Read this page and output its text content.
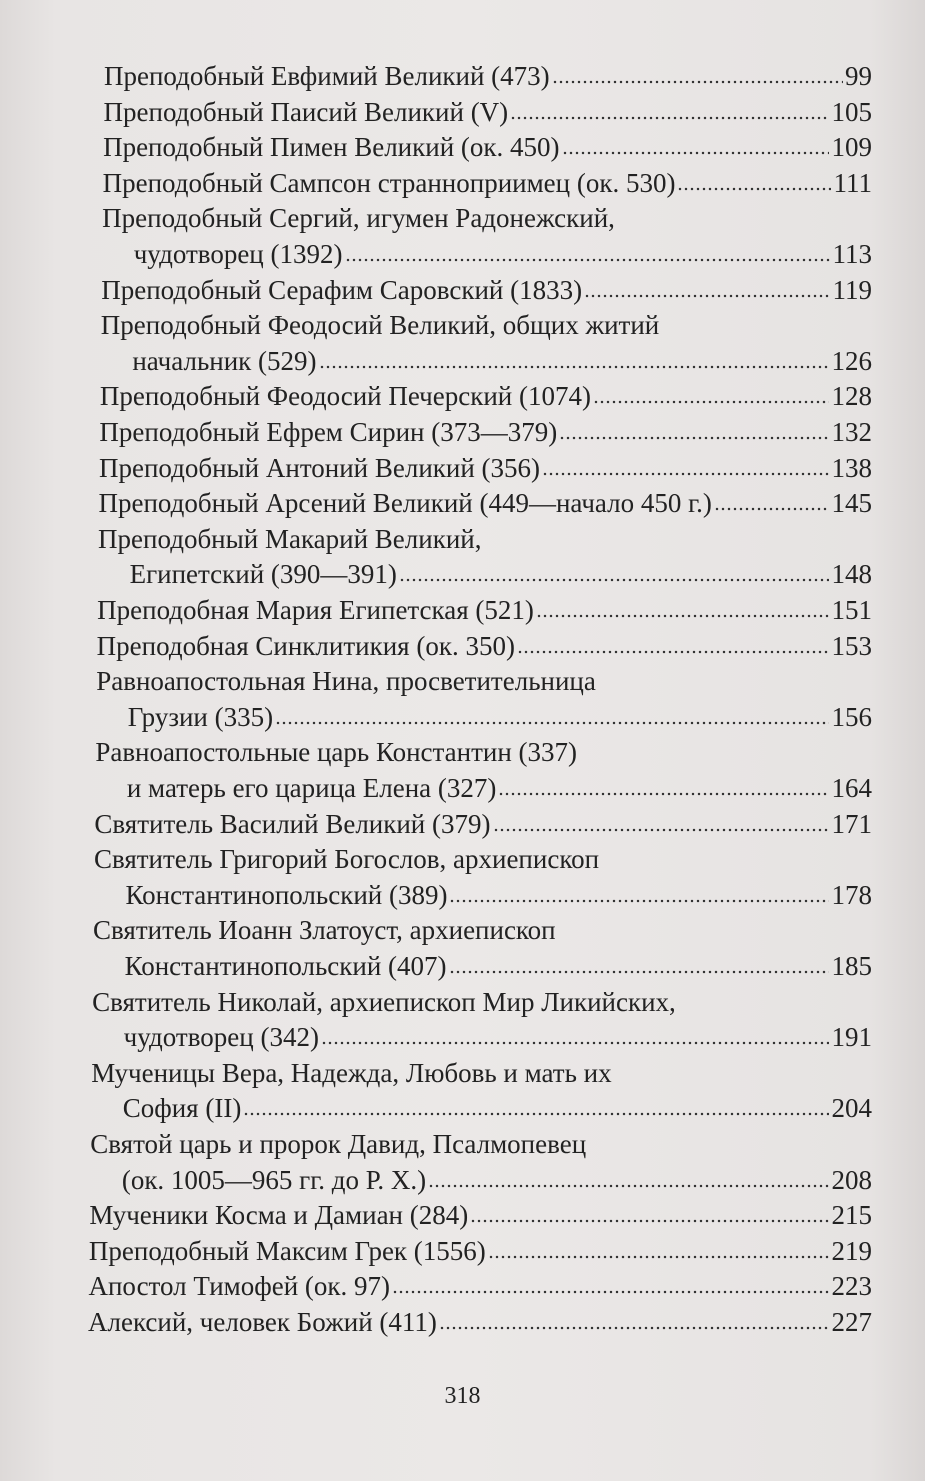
Преподобный Евфимий Великий (473)	99
Преподобный Паисий Великий (V)	105
Преподобный Пимен Великий (ок. 450)	109
Преподобный Сампсон странноприимец (ок. 530)	111
Преподобный Сергий, игумен Радонежский,
чудотворец (1392)	113
Преподобный Серафим Саровский (1833)	119
Преподобный Феодосий Великий, общих житий
начальник (529)	126
Преподобный Феодосий Печерский (1074)	128
Преподобный Ефрем Сирин (373—379)	132
Преподобный Антоний Великий (356)	138
Преподобный Арсений Великий (449—начало 450 г.)	145
Преподобный Макарий Великий,
Египетский (390—391)	148
Преподобная Мария Египетская (521)	151
Преподобная Синклитикия (ок. 350)	153
Равноапостольная Нина, просветительница
Грузии (335)	156
Равноапостольные царь Константин (337)
и матерь его царица Елена (327)	164
Святитель Василий Великий (379)	171
Святитель Григорий Богослов, архиепископ
Константинопольский (389)	178
Святитель Иоанн Златоуст, архиепископ
Константинопольский (407)	185
Святитель Николай, архиепископ Мир Ликийских,
чудотворец (342)	191
Мученицы Вера, Надежда, Любовь и мать их
София (II)	204
Святой царь и пророк Давид, Псалмопевец
(ок. 1005—965 гг. до Р. Х.)	208
Мученики Косма и Дамиан (284)	215
Преподобный Максим Грек (1556)	219
Апостол Тимофей (ок. 97)	223
Алексий, человек Божий (411)	227
318
